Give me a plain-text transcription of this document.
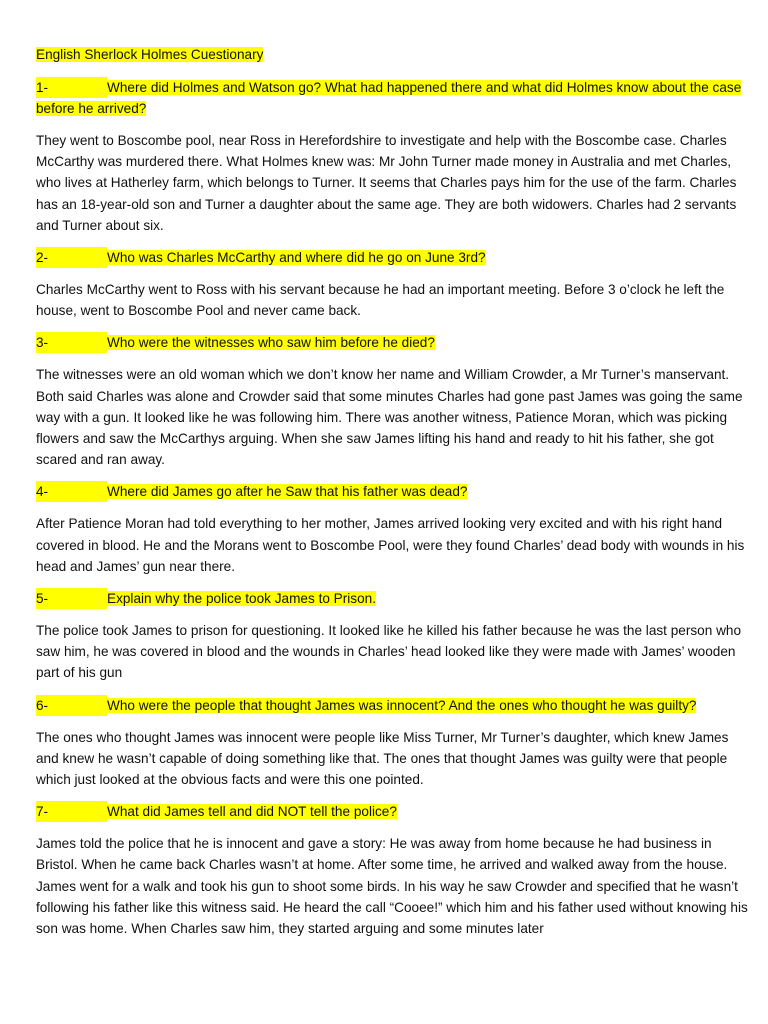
English Sherlock Holmes Cuestionary

1-	Where did Holmes and Watson go? What had happened there and what did Holmes know about the case before he arrived?

They went to Boscombe pool, near Ross in Herefordshire to investigate and help with the Boscombe case. Charles McCarthy was murdered there. What Holmes knew was: Mr John Turner made money in Australia and met Charles, who lives at Hatherley farm, which belongs to Turner. It seems that Charles pays him for the use of the farm. Charles has an 18-year-old son and Turner a daughter about the same age. They are both widowers. Charles had 2 servants and Turner about six.

2-	Who was Charles McCarthy and where did he go on June 3rd?

Charles McCarthy went to Ross with his servant because he had an important meeting. Before 3 o’clock he left the house, went to Boscombe Pool and never came back.

3-	Who were the witnesses who saw him before he died?

The witnesses were an old woman which we don’t know her name and William Crowder, a Mr Turner’s manservant. Both said Charles was alone and Crowder said that some minutes Charles had gone past James was going the same way with a gun. It looked like he was following him. There was another witness, Patience Moran, which was picking flowers and saw the McCarthys arguing. When she saw James lifting his hand and ready to hit his father, she got scared and ran away.

4-	Where did James go after he Saw that his father was dead?

After Patience Moran had told everything to her mother, James arrived looking very excited and with his right hand covered in blood. He and the Morans went to Boscombe Pool, were they found Charles’ dead body with wounds in his head and James’ gun near there.

5-	Explain why the police took James to Prison.

The police took James to prison for questioning. It looked like he killed his father because he was the last person who saw him, he was covered in blood and the wounds in Charles’ head looked like they were made with James’ wooden part of his gun

6-	Who were the people that thought James was innocent? And the ones who thought he was guilty?

The ones who thought James was innocent were people like Miss Turner, Mr Turner’s daughter, which knew James and knew he wasn’t capable of doing something like that. The ones that thought James was guilty were that people which just looked at the obvious facts and were this one pointed.

7-	What did James tell and did NOT tell the police?

James told the police that he is innocent and gave a story: He was away from home because he had business in Bristol. When he came back Charles wasn’t at home. After some time, he arrived and walked away from the house. James went for a walk and took his gun to shoot some birds. In his way he saw Crowder and specified that he wasn’t following his father like this witness said. He heard the call “Cooee!” which him and his father used without knowing his son was home. When Charles saw him, they started arguing and some minutes later
